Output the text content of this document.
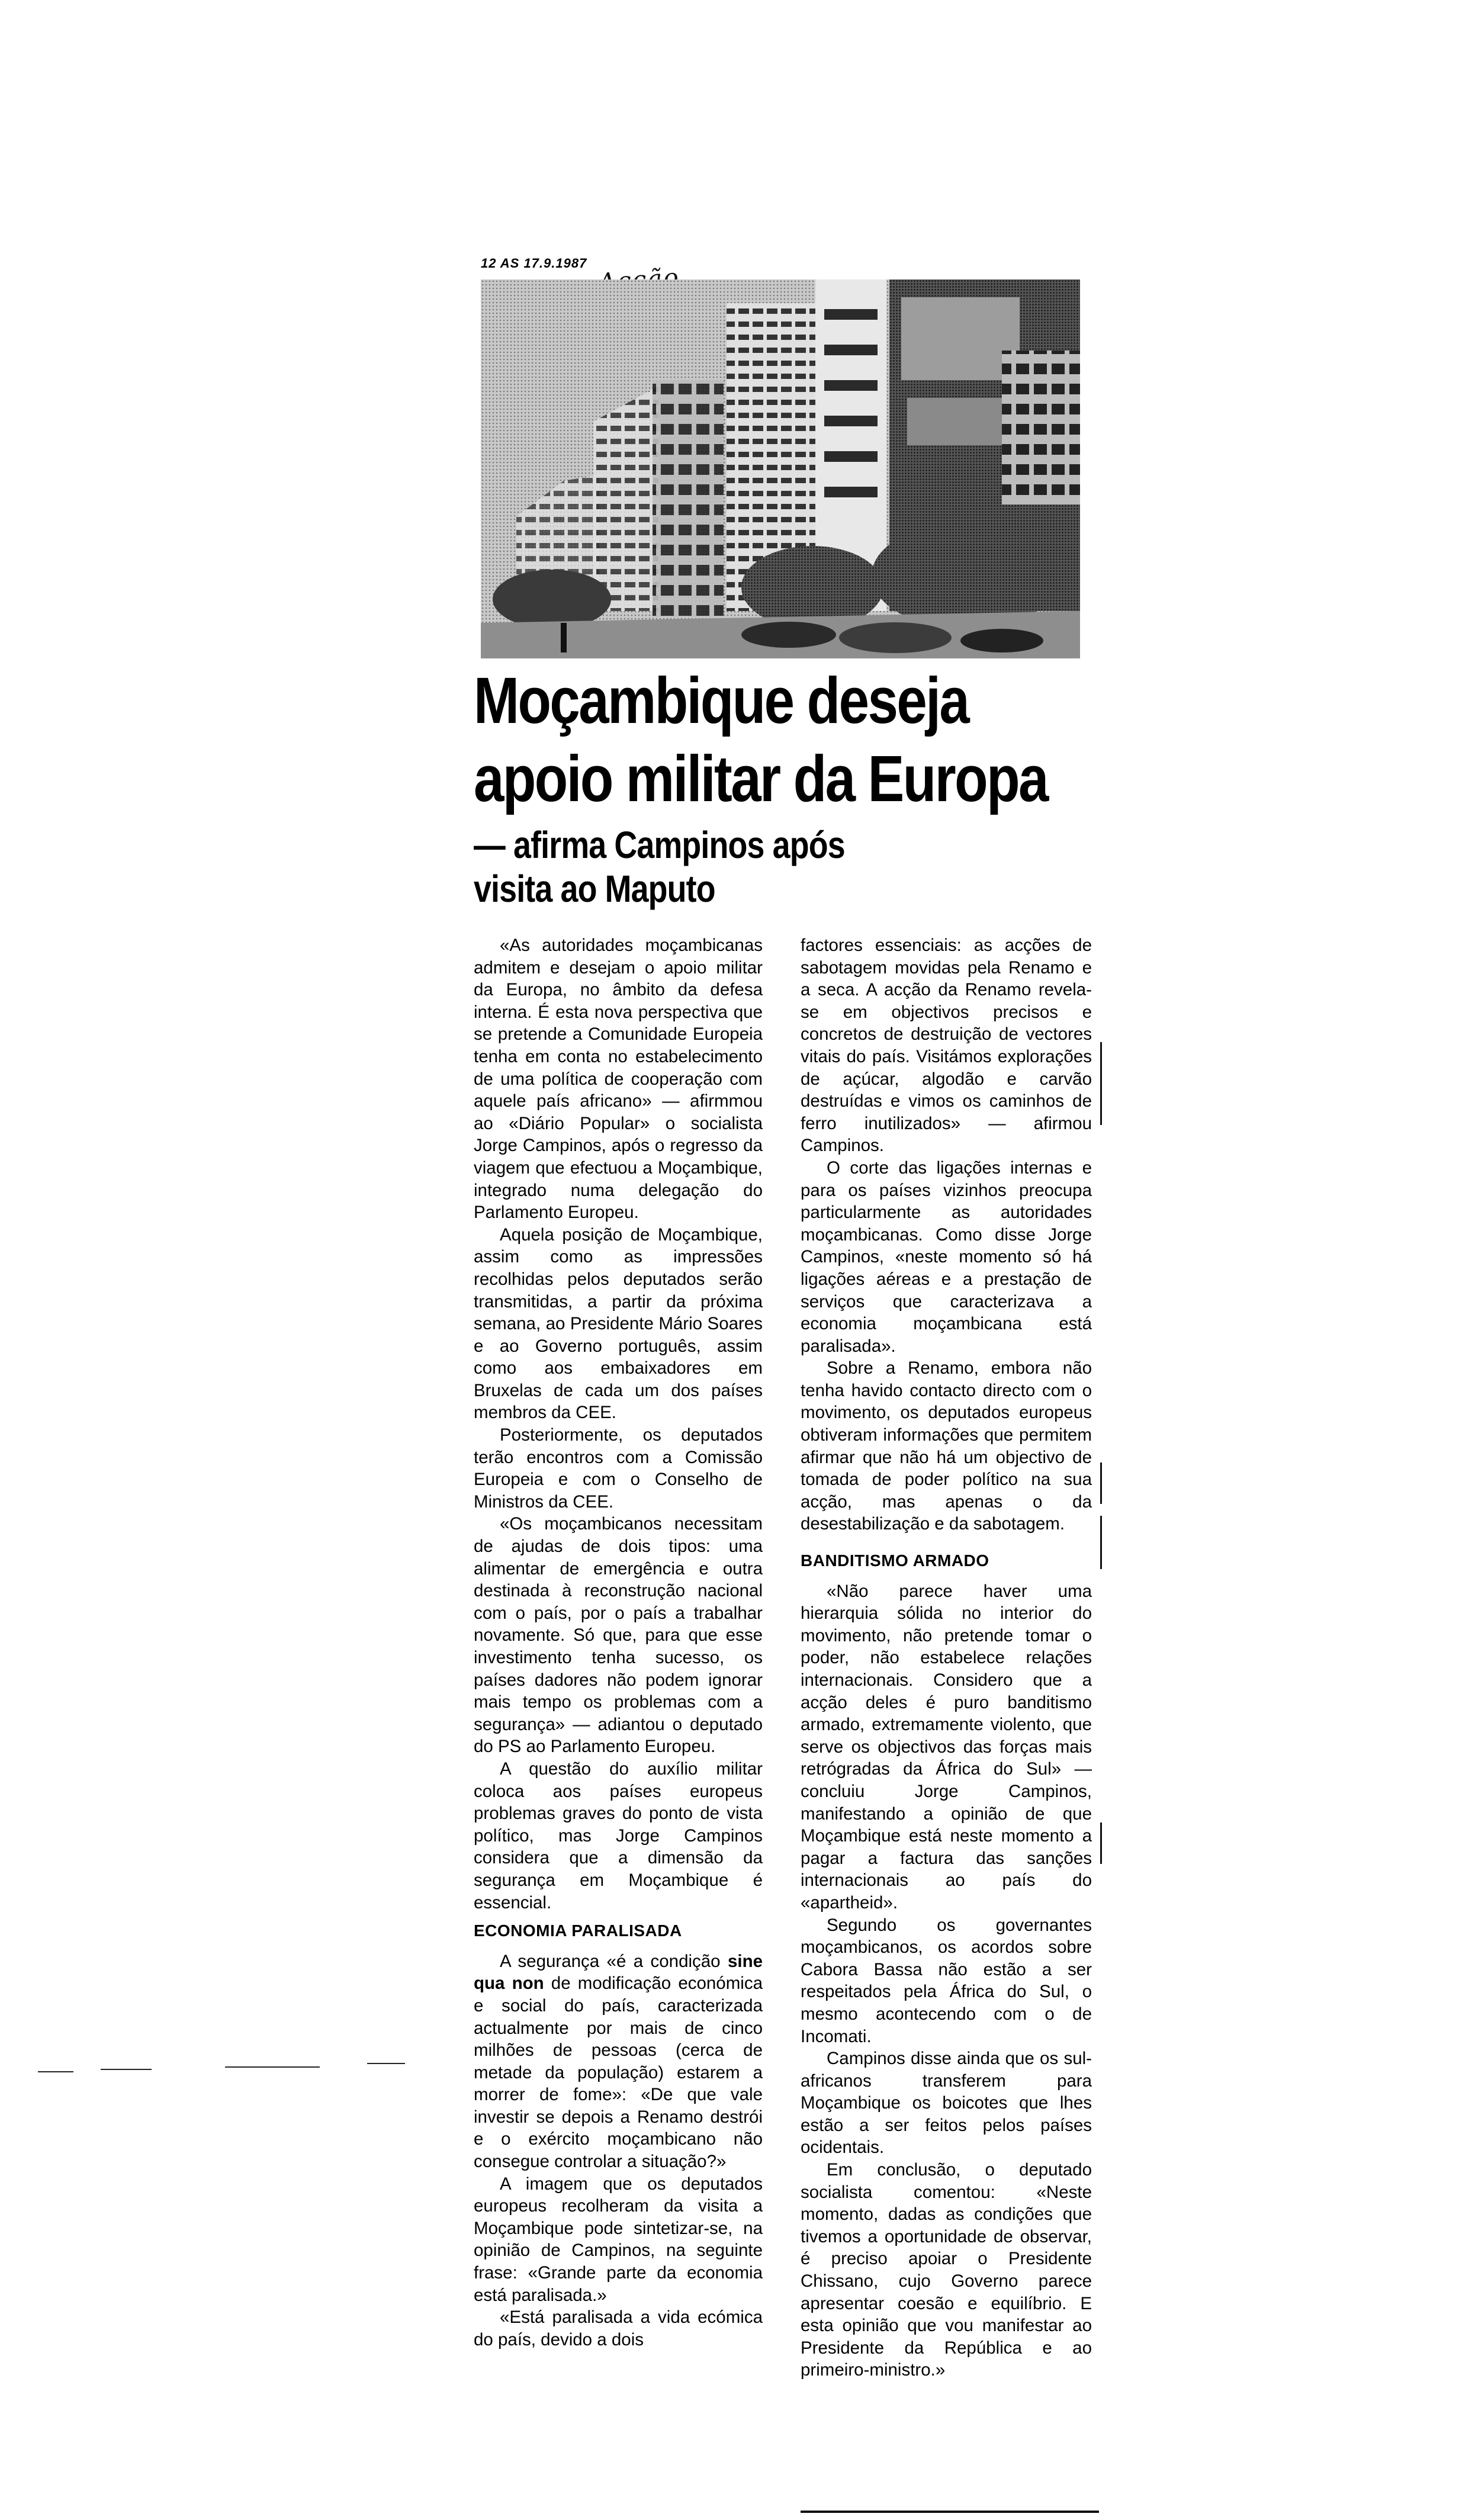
12 AS 17.9.1987
Moçambique deseja
apoio militar da Europa
— afirma Campinos após
visita ao Maputo

«As autoridades moçambicanas admitem e desejam o apoio militar da Europa, no âmbito da defesa interna. É esta nova perspectiva que se pretende a Comunidade Europeia tenha em conta no estabelecimento de uma política de cooperação com aquele país africano» — afirmmou ao «Diário Popular» o socialista Jorge Campinos, após o regresso da viagem que efectuou a Moçambique, integrado numa delegação do Parlamento Europeu.

Aquela posição de Moçambique, assim como as impressões recolhidas pelos deputados serão transmitidas, a partir da próxima semana, ao Presidente Mário Soares e ao Governo português, assim como aos embaixadores em Bruxelas de cada um dos países membros da CEE.

Posteriormente, os deputados terão encontros com a Comissão Europeia e com o Conselho de Ministros da CEE.

«Os moçambicanos necessitam de ajudas de dois tipos: uma alimentar de emergência e outra destinada à reconstrução nacional com o país, por o país a trabalhar novamente. Só que, para que esse investimento tenha sucesso, os países dadores não podem ignorar mais tempo os problemas com a segurança» — adiantou o deputado do PS ao Parlamento Europeu.

A questão do auxílio militar coloca aos países europeus problemas graves do ponto de vista político, mas Jorge Campinos considera que a dimensão da segurança em Moçambique é essencial.

ECONOMIA PARALISADA

A segurança «é a condição sine qua non de modificação económica e social do país, caracterizada actualmente por mais de cinco milhões de pessoas (cerca de metade da população) estarem a morrer de fome»: «De que vale investir se depois a Renamo destrói e o exército moçambicano não consegue controlar a situação?»

A imagem que os deputados europeus recolheram da visita a Moçambique pode sintetizar-se, na opinião de Campinos, na seguinte frase: «Grande parte da economia está paralisada.»

«Está paralisada a vida ecómica do país, devido a dois

factores essenciais: as acções de sabotagem movidas pela Renamo e a seca. A acção da Renamo revela-se em objectivos precisos e concretos de destruição de vectores vitais do país. Visitámos explorações de açúcar, algodão e carvão destruídas e vimos os caminhos de ferro inutilizados» — afirmou Campinos.

O corte das ligações internas e para os países vizinhos preocupa particularmente as autoridades moçambicanas. Como disse Jorge Campinos, «neste momento só há ligações aéreas e a prestação de serviços que caracterizava a economia moçambicana está paralisada».

Sobre a Renamo, embora não tenha havido contacto directo com o movimento, os deputados europeus obtiveram informações que permitem afirmar que não há um objectivo de tomada de poder político na sua acção, mas apenas o da desestabilização e da sabotagem.

BANDITISMO ARMADO

«Não parece haver uma hierarquia sólida no interior do movimento, não pretende tomar o poder, não estabelece relações internacionais. Considero que a acção deles é puro banditismo armado, extremamente violento, que serve os objectivos das forças mais retrógradas da África do Sul» — concluiu Jorge Campinos, manifestando a opinião de que Moçambique está neste momento a pagar a factura das sanções internacionais ao país do «apartheid».

Segundo os governantes moçambicanos, os acordos sobre Cabora Bassa não estão a ser respeitados pela África do Sul, o mesmo acontecendo com o de Incomati.

Campinos disse ainda que os sul-africanos transferem para Moçambique os boicotes que lhes estão a ser feitos pelos países ocidentais.

Em conclusão, o deputado socialista comentou: «Neste momento, dadas as condições que tivemos a oportunidade de observar, é preciso apoiar o Presidente Chissano, cujo Governo parece apresentar coesão e equilíbrio. E esta opinião que vou manifestar ao Presidente da República e ao primeiro-ministro.»
